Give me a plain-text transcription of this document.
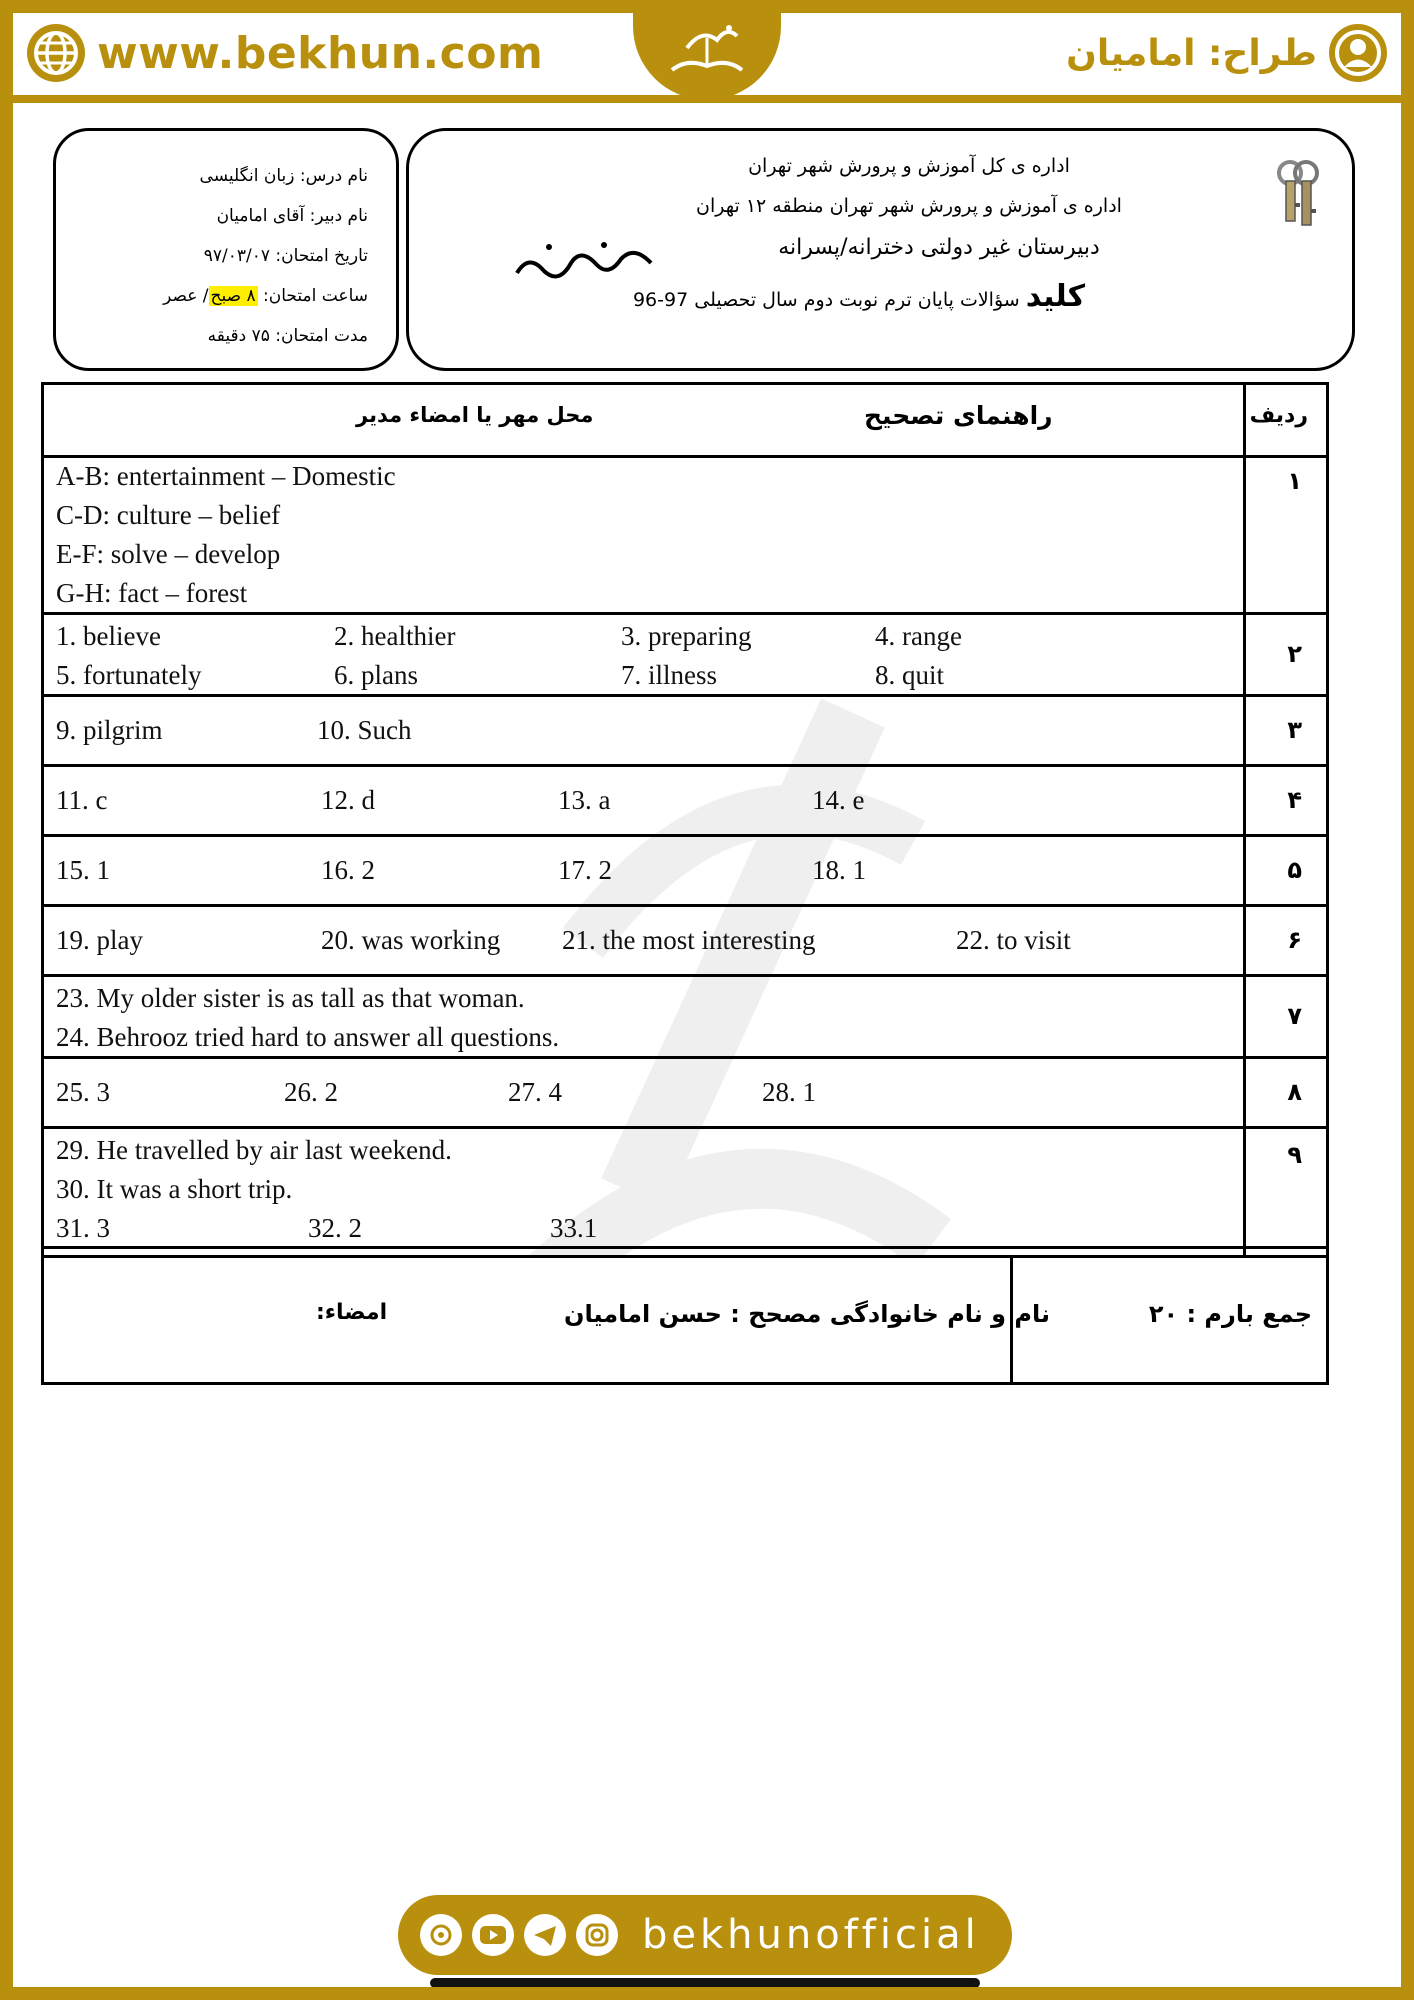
www.bekhun.com	طراح: امامیان
نام درس: زبان انگلیسی
نام دبیر: آقای امامیان
تاریخ امتحان: ۹۷/۰۳/۰۷
ساعت امتحان: ۸ صبح/ عصر
مدت امتحان: ۷۵ دقیقه
اداره ی کل آموزش و پرورش شهر تهران
اداره ی آموزش و پرورش شهر تهران منطقه ۱۲ تهران
دبیرستان غیر دولتی دخترانه/پسرانه
کلید سؤالات پایان ترم نوبت دوم سال تحصیلی 97-96
ردیف
راهنمای تصحیح
محل مهر یا امضاء مدیر
۱
A-B: entertainment – Domestic
C-D: culture – belief
E-F: solve – develop
G-H: fact – forest
۲
1. believe	2. healthier	3. preparing	4. range
5. fortunately	6. plans	7. illness	8. quit
۳
9. pilgrim	10. Such
۴
11. c	12. d	13. a	14. e
۵
15. 1	16. 2	17. 2	18. 1
۶
19. play	20. was working 21. the most interesting	22. to visit
۷
23. My older sister is as tall as that woman.
24. Behrooz tried hard to answer all questions.
۸
25. 3	26. 2	27. 4	28. 1
۹
29. He travelled by air last weekend.
30. It was a short trip.
31. 3	32. 2	33.1
جمع بارم : ۲۰
نام و نام خانوادگی مصحح : حسن امامیان
امضاء:
bekhunofficial
